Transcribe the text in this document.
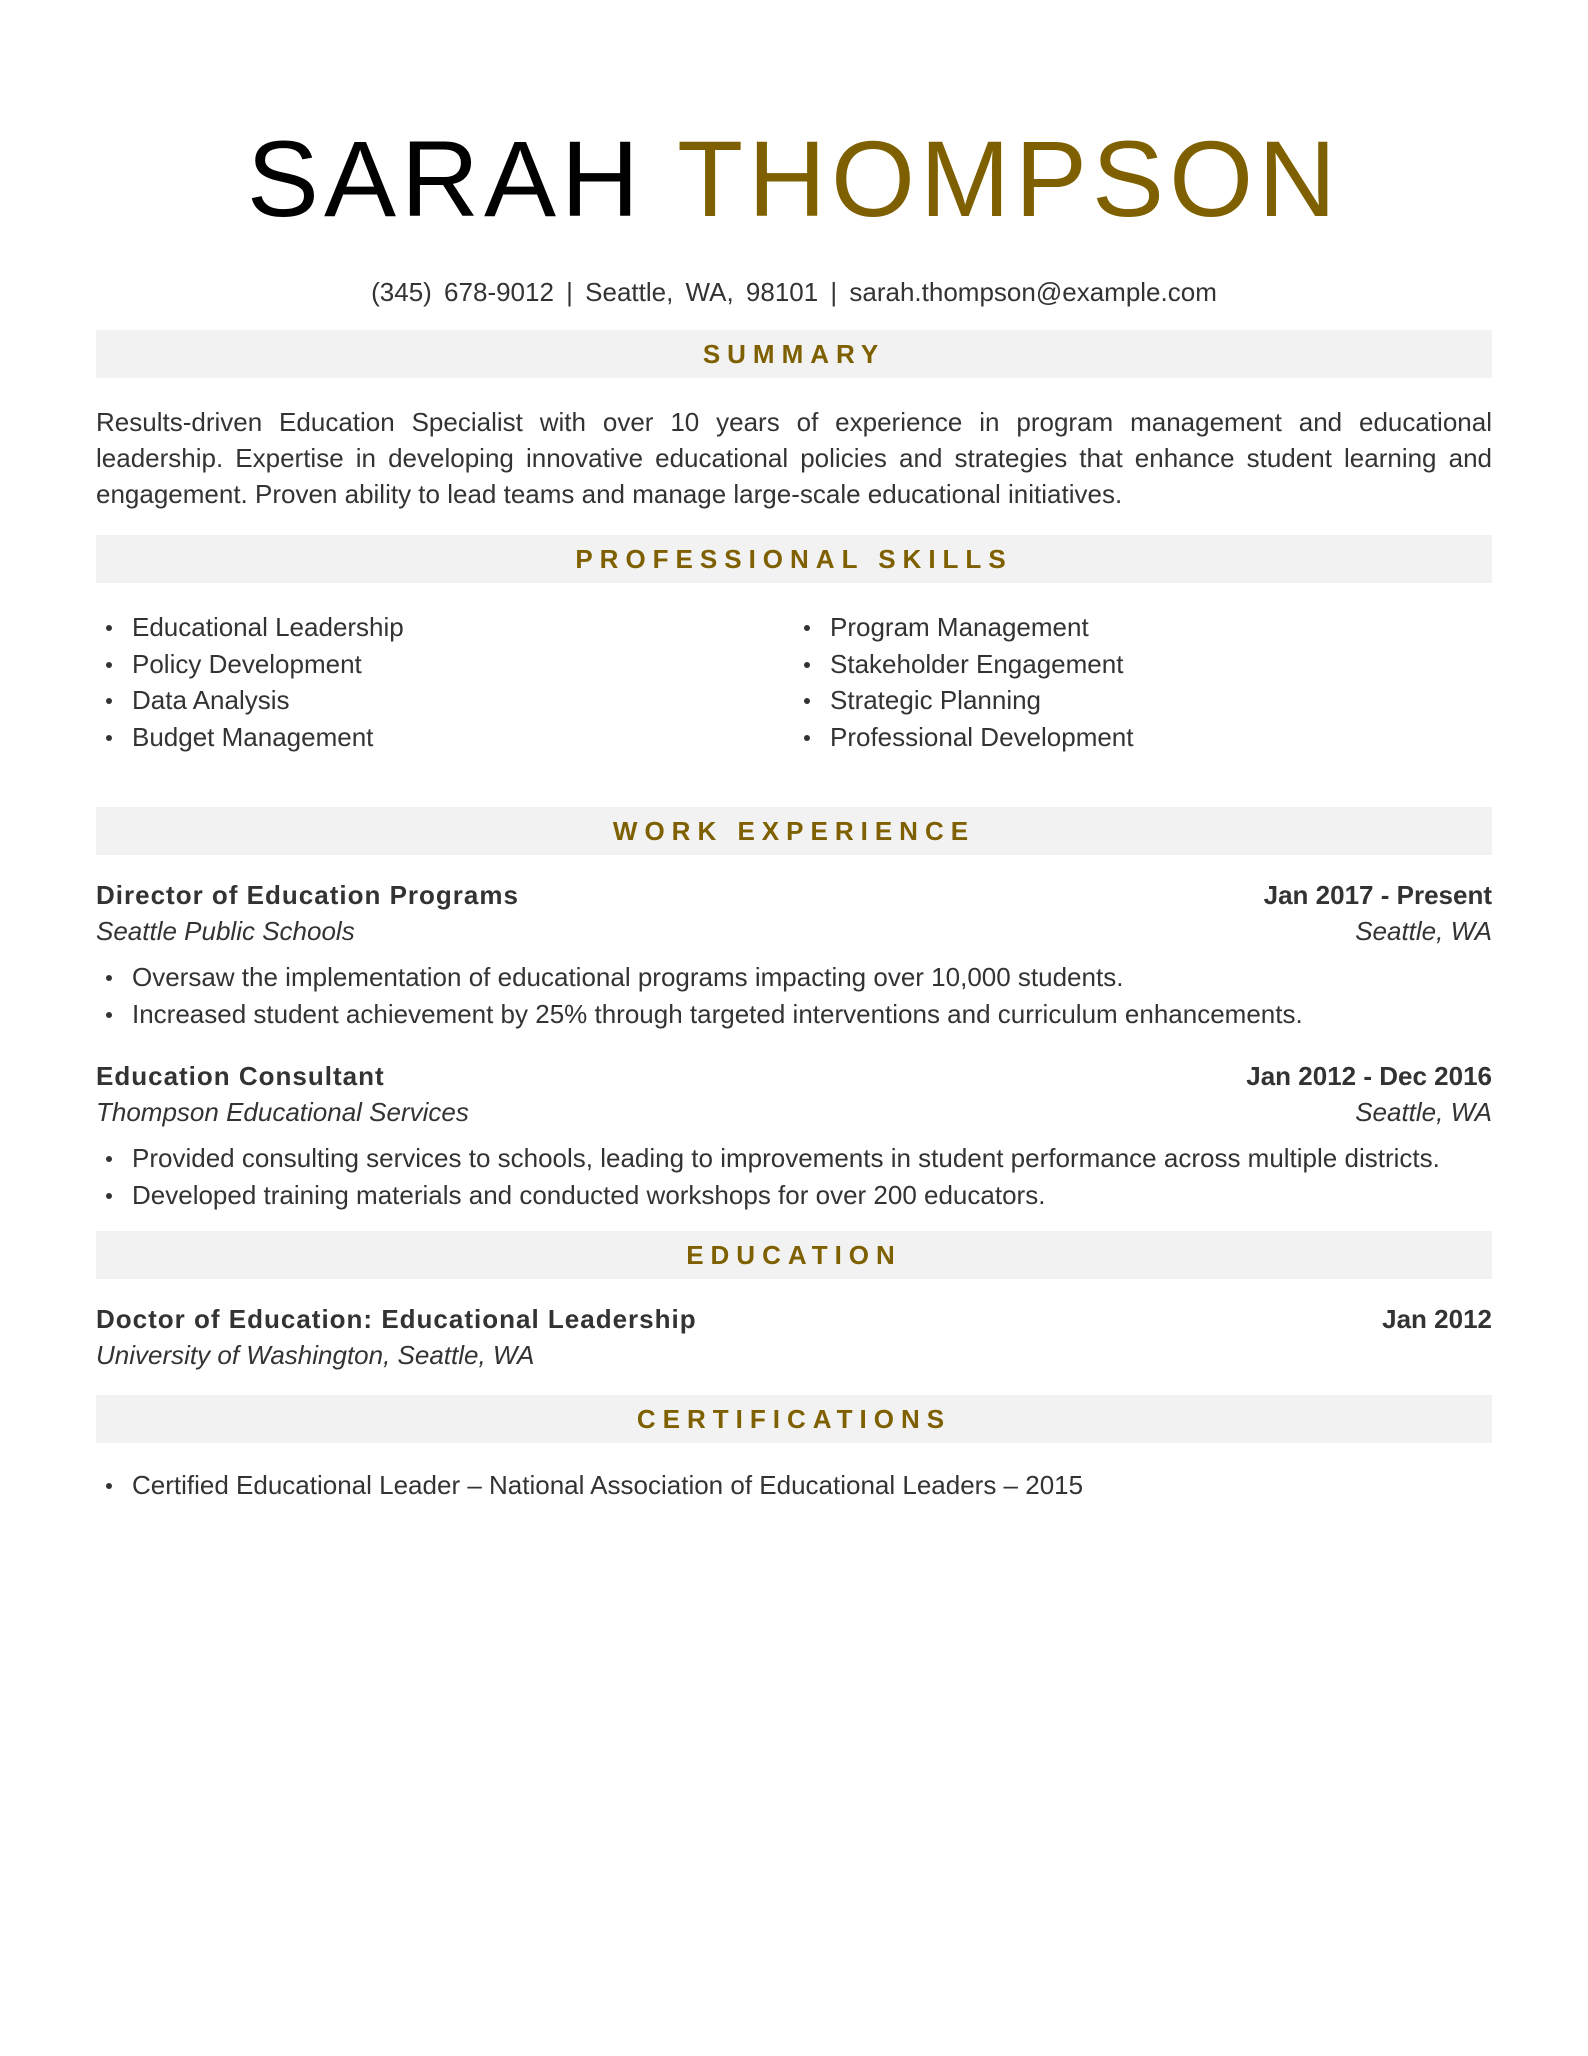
SARAH THOMPSON
(345) 678-9012 | Seattle, WA, 98101 | sarah.thompson@example.com
SUMMARY

Results-driven Education Specialist with over 10 years of experience in program management and educational leadership. Expertise in developing innovative educational policies and strategies that enhance student learning and engagement. Proven ability to lead teams and manage large-scale educational initiatives.

PROFESSIONAL SKILLS
Educational Leadership
Policy Development
Data Analysis
Budget Management
Program Management
Stakeholder Engagement
Strategic Planning
Professional Development
WORK EXPERIENCE
Director of Education Programs	Jan 2017 - Present
Seattle Public Schools	Seattle, WA
Oversaw the implementation of educational programs impacting over 10,000 students.
Increased student achievement by 25% through targeted interventions and curriculum enhancements.
Education Consultant	Jan 2012 - Dec 2016
Thompson Educational Services	Seattle, WA
Provided consulting services to schools, leading to improvements in student performance across multiple districts.
Developed training materials and conducted workshops for over 200 educators.
EDUCATION
Doctor of Education: Educational Leadership	Jan 2012
University of Washington, Seattle, WA
CERTIFICATIONS
Certified Educational Leader – National Association of Educational Leaders – 2015
